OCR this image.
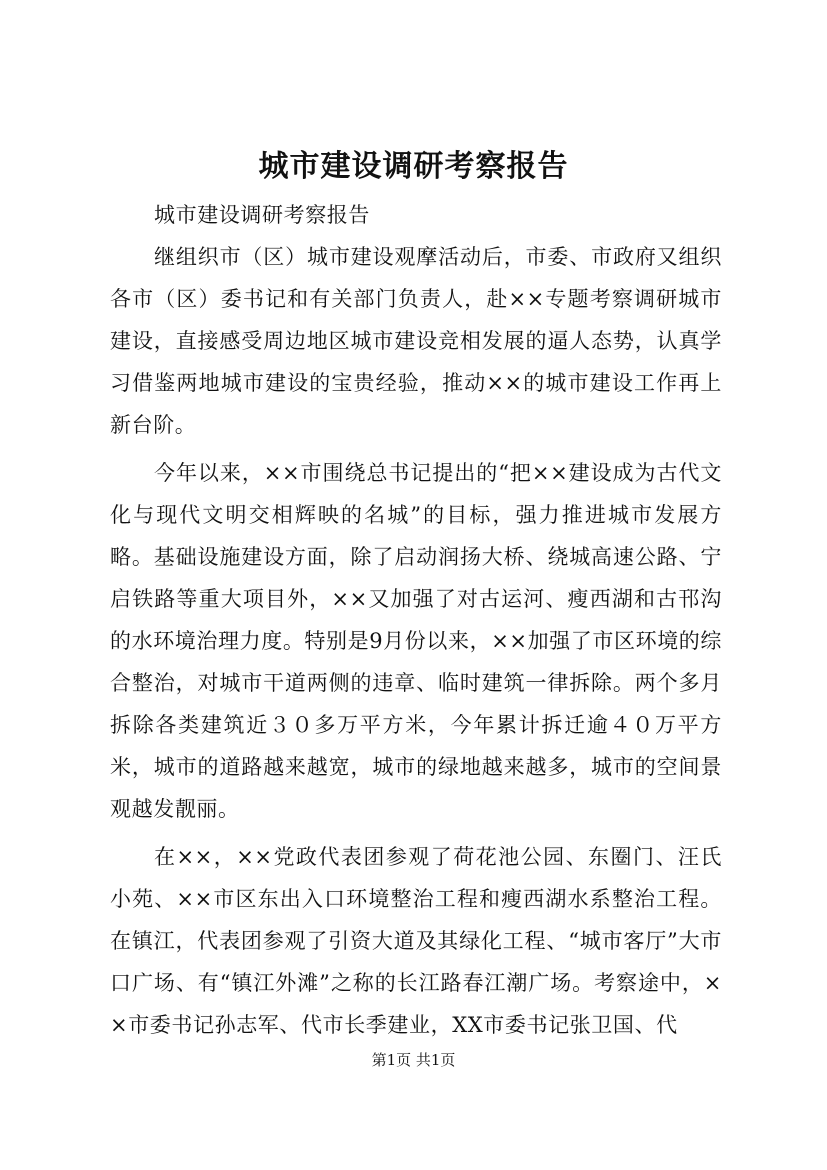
城市建设调研考察报告

城市建设调研考察报告

继组织市（区）城市建设观摩活动后，市委、市政府又组织各市（区）委书记和有关部门负责人，赴××专题考察调研城市建设，直接感受周边地区城市建设竞相发展的逼人态势，认真学习借鉴两地城市建设的宝贵经验，推动××的城市建设工作再上新台阶。

今年以来，××市围绕总书记提出的“把××建设成为古代文化与现代文明交相辉映的名城”的目标，强力推进城市发展方略。基础设施建设方面，除了启动润扬大桥、绕城高速公路、宁启铁路等重大项目外，××又加强了对古运河、瘦西湖和古邗沟的水环境治理力度。特别是9月份以来，××加强了市区环境的综合整治，对城市干道两侧的违章、临时建筑一律拆除。两个多月拆除各类建筑近３０多万平方米，今年累计拆迁逾４０万平方米，城市的道路越来越宽，城市的绿地越来越多，城市的空间景观越发靓丽。

在××，××党政代表团参观了荷花池公园、东圈门、汪氏小苑、××市区东出入口环境整治工程和瘦西湖水系整治工程。在镇江，代表团参观了引资大道及其绿化工程、“城市客厅”大市口广场、有“镇江外滩”之称的长江路春江潮广场。考察途中，××市委书记孙志军、代市长季建业，XX市委书记张卫国、代

第1页 共1页
